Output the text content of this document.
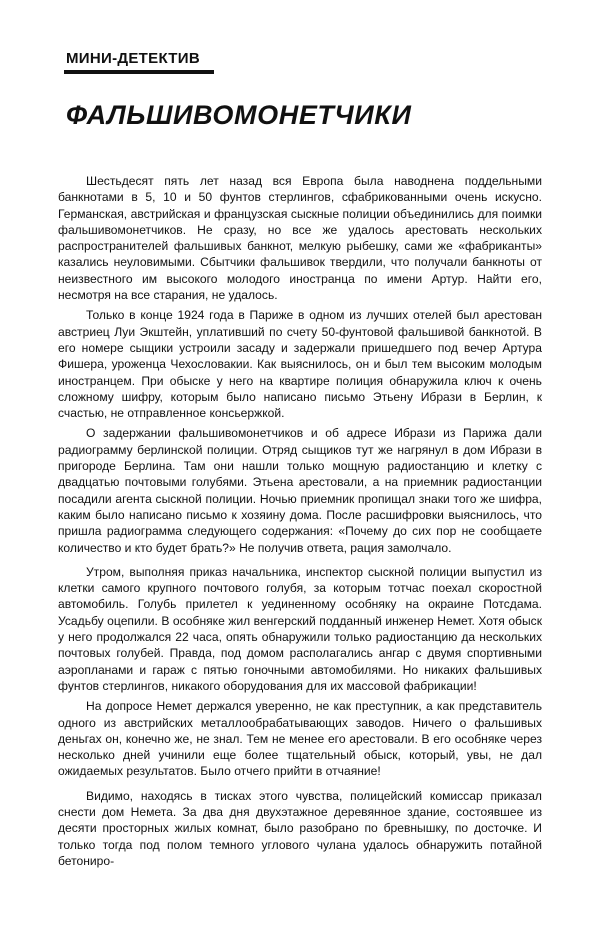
МИНИ-ДЕТЕКТИВ
ФАЛЬШИВОМОНЕТЧИКИ

Шестьдесят пять лет назад вся Европа была наводнена поддельными банкнотами в 5, 10 и 50 фунтов стерлингов, сфабрикованными очень искусно. Германская, австрийская и французская сыскные полиции объединились для поимки фальшивомонетчиков. Не сразу, но все же удалось арестовать нескольких распространителей фальшивых банкнот, мелкую рыбешку, сами же «фабриканты» казались неуловимыми. Сбытчики фальшивок твердили, что получали банкноты от неизвестного им высокого молодого иностранца по имени Артур. Найти его, несмотря на все старания, не удалось.

Только в конце 1924 года в Париже в одном из лучших отелей был арестован австриец Луи Экштейн, уплативший по счету 50-фунтовой фальшивой банкнотой. В его номере сыщики устроили засаду и задержали пришедшего под вечер Артура Фишера, уроженца Чехословакии. Как выяснилось, он и был тем высоким молодым иностранцем. При обыске у него на квартире полиция обнаружила ключ к очень сложному шифру, которым было написано письмо Этьену Ибрази в Берлин, к счастью, не отправленное консьержкой.

О задержании фальшивомонетчиков и об адресе Ибрази из Парижа дали радиограмму берлинской полиции. Отряд сыщиков тут же нагрянул в дом Ибрази в пригороде Берлина. Там они нашли только мощную радиостанцию и клетку с двадцатью почтовыми голубями. Этьена арестовали, а на приемник радиостанции посадили агента сыскной полиции. Ночью приемник пропищал знаки того же шифра, каким было написано письмо к хозяину дома. После расшифровки выяснилось, что пришла радиограмма следующего содержания: «Почему до сих пор не сообщаете количество и кто будет брать?» Не получив ответа, рация замолчало.

Утром, выполняя приказ начальника, инспектор сыскной полиции выпустил из клетки самого крупного почтового голубя, за которым тотчас поехал скоростной автомобиль. Голубь прилетел к уединенному особняку на окраине Потсдама. Усадьбу оцепили. В особняке жил венгерский подданный инженер Немет. Хотя обыск у него продолжался 22 часа, опять обнаружили только радиостанцию да нескольких почтовых голубей. Правда, под домом располагались ангар с двумя спортивными аэропланами и гараж с пятью гоночными автомобилями. Но никаких фальшивых фунтов стерлингов, никакого оборудования для их массовой фабрикации!

На допросе Немет держался уверенно, не как преступник, а как представитель одного из австрийских металлообрабатывающих заводов. Ничего о фальшивых деньгах он, конечно же, не знал. Тем не менее его арестовали. В его особняке через несколько дней учинили еще более тщательный обыск, который, увы, не дал ожидаемых результатов. Было отчего прийти в отчаяние!

Видимо, находясь в тисках этого чувства, полицейский комиссар приказал снести дом Немета. За два дня двухэтажное деревянное здание, состоявшее из десяти просторных жилых комнат, было разобрано по бревнышку, по досточке. И только тогда под полом темного углового чулана удалось обнаружить потайной бетониро-
